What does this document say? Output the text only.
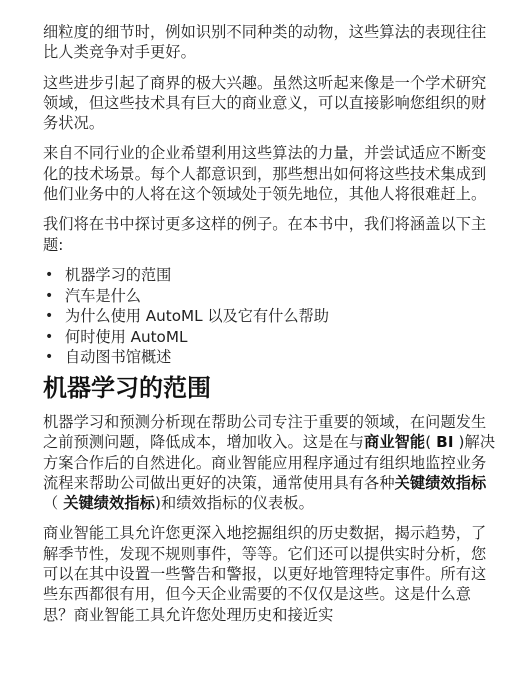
细粒度的细节时，例如识别不同种类的动物，这些算法的表现往往比人类竞争对手更好。

这些进步引起了商界的极大兴趣。虽然这听起来像是一个学术研究领域，但这些技术具有巨大的商业意义，可以直接影响您组织的财务状况。

来自不同行业的企业希望利用这些算法的力量，并尝试适应不断变化的技术场景。每个人都意识到，那些想出如何将这些技术集成到他们业务中的人将在这个领域处于领先地位，其他人将很难赶上。

我们将在书中探讨更多这样的例子。在本书中，我们将涵盖以下主题:

• 机器学习的范围
• 汽车是什么
• 为什么使用 AutoML 以及它有什么帮助
• 何时使用 AutoML
• 自动图书馆概述
机器学习的范围

机器学习和预测分析现在帮助公司专注于重要的领域，在问题发生之前预测问题，降低成本，增加收入。这是在与商业智能( BI )解决方案合作后的自然进化。商业智能应用程序通过有组织地监控业务流程来帮助公司做出更好的决策，通常使用具有各种关键绩效指标（ 关键绩效指标)和绩效指标的仪表板。

商业智能工具允许您更深入地挖掘组织的历史数据，揭示趋势，了解季节性，发现不规则事件，等等。它们还可以提供实时分析，您可以在其中设置一些警告和警报，以更好地管理特定事件。所有这些东西都很有用，但今天企业需要的不仅仅是这些。这是什么意思？商业智能工具允许您处理历史和接近实
